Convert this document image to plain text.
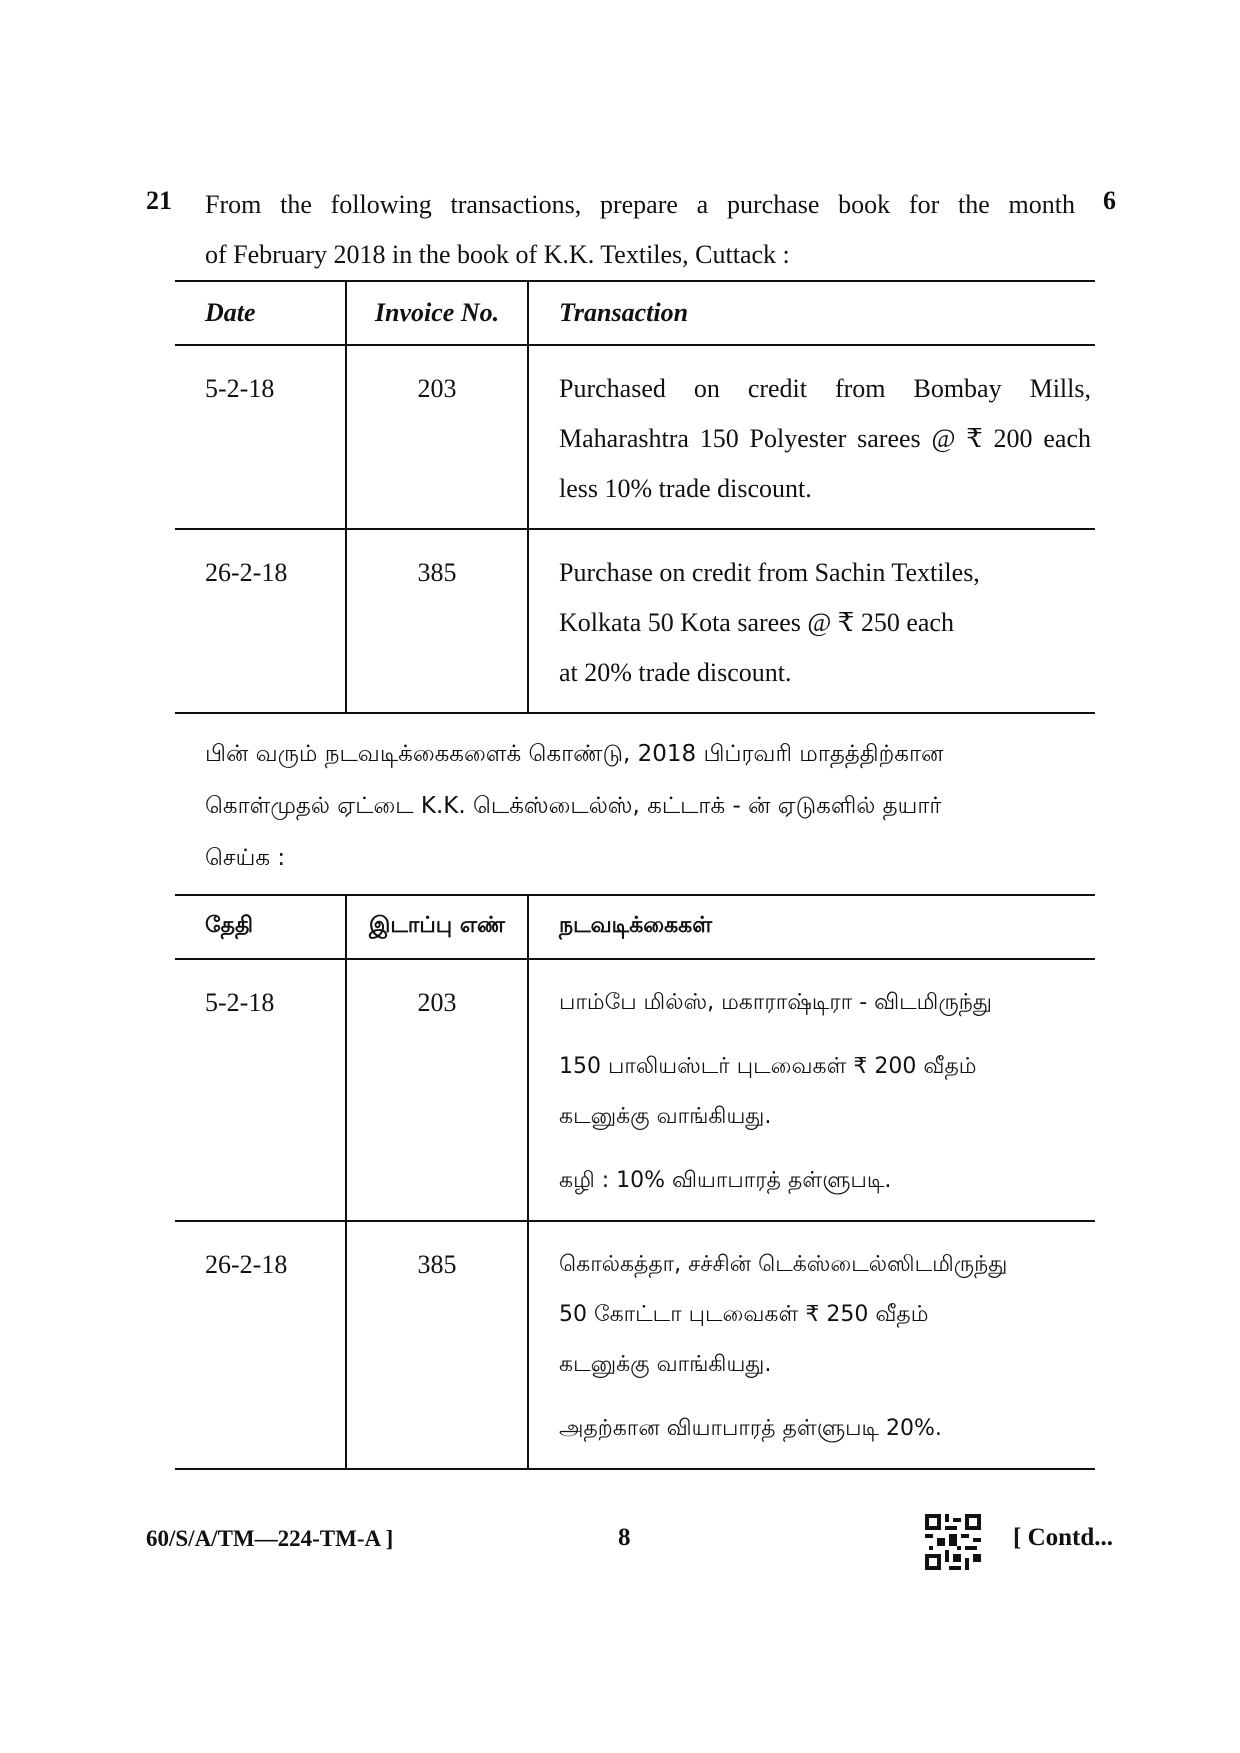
21	6
From the following transactions, prepare a purchase book for the month
of February 2018 in the book of K.K. Textiles, Cuttack :
Date	Invoice No.	Transaction
5-2-18	203	Purchased on credit from Bombay Mills,
Maharashtra 150 Polyester sarees @ ₹ 200 each
less 10% trade discount.

26-2-18	385	Purchase on credit from Sachin Textiles,
Kolkata 50 Kota sarees @ ₹ 250 each
at 20% trade discount.
பின் வரும் நடவடிக்கைகளைக் கொண்டு, 2018 பிப்ரவரி மாதத்திற்கான
கொள்முதல் ஏட்டை K.K. டெக்ஸ்டைல்ஸ், கட்டாக் - ன் ஏடுகளில் தயார்
செய்க :
தேதி	இடாப்பு எண்	நடவடிக்கைகள்
5-2-18	203	பாம்பே மில்ஸ், மகாராஷ்டிரா - விடமிருந்து
150 பாலியஸ்டர் புடவைகள் ₹ 200 வீதம்
கடனுக்கு வாங்கியது.
கழி : 10% வியாபாரத் தள்ளுபடி.

26-2-18	385	கொல்கத்தா, சச்சின் டெக்ஸ்டைல்ஸிடமிருந்து
50 கோட்டா புடவைகள் ₹ 250 வீதம்
கடனுக்கு வாங்கியது.
அதற்கான வியாபாரத் தள்ளுபடி 20%.
60/S/A/TM—224-TM-A ]	8	[ Contd...
